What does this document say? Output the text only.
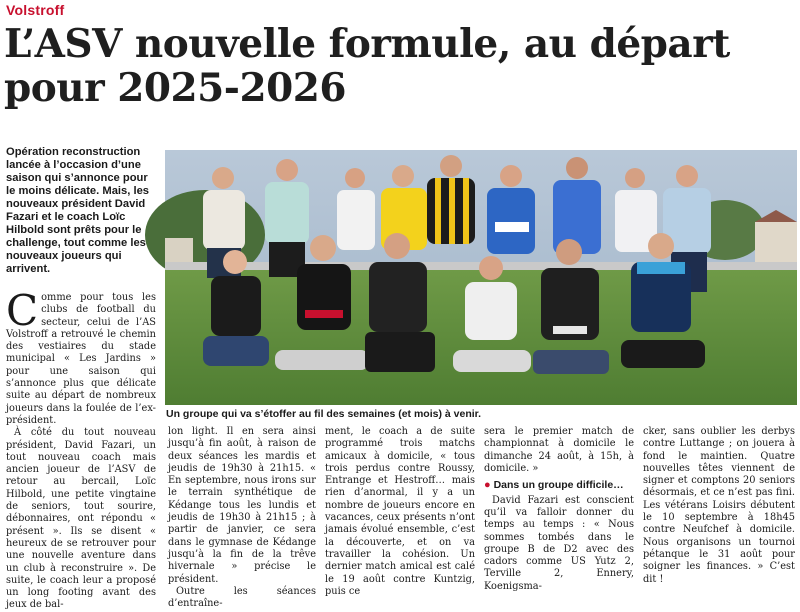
Volstroff
L’ASV nouvelle formule, au départ pour 2025-2026
Opération reconstruction lancée à l’occasion d’une saison qui s’annonce pour le moins délicate. Mais, les nouveaux président David Fazari et le coach Loïc Hilbold sont prêts pour le challenge, tout comme les nouveaux joueurs qui arrivent.
Un groupe qui va s’étoffer au fil des semaines (et mois) à venir.

Comme pour tous les clubs de football du secteur, celui de l’AS Volstroff a retrouvé le chemin des vestiaires du stade municipal « Les Jardins » pour une saison qui s’annonce plus que délicate suite au départ de nombreux joueurs dans la foulée de l’ex-président.

À côté du tout nouveau président, David Fazari, un tout nouveau coach mais ancien joueur de l’ASV de retour au bercail, Loïc Hilbold, une petite vingtaine de seniors, tout sourire, débonnaires, ont répondu « présent ». Ils se disent « heureux de se retrouver pour une nouvelle aventure dans un club à reconstruire ». De suite, le coach leur a proposé un long footing avant des jeux de bal-

lon light. Il en sera ainsi jusqu’à fin août, à raison de deux séances les mardis et jeudis de 19h30 à 21h15. « En septembre, nous irons sur le terrain synthétique de Kédange tous les lundis et jeudis de 19h30 à 21h15 ; à partir de janvier, ce sera dans le gymnase de Kédange jusqu’à la fin de la trêve hivernale » précise le président.

Outre les séances d’entraîne-

ment, le coach a de suite programmé trois matchs amicaux à domicile, « tous trois perdus contre Roussy, Entrange et Hestroff… mais rien d’anormal, il y a un nombre de joueurs encore en vacances, ceux présents n’ont jamais évolué ensemble, c’est la découverte, et on va travailler la cohésion. Un dernier match amical est calé le 19 août contre Kuntzig, puis ce

sera le premier match de championnat à domicile le dimanche 24 août, à 15h, à domicile. »

● Dans un groupe difficile…

David Fazari est conscient qu’il va falloir donner du temps au temps : « Nous sommes tombés dans le groupe B de D2 avec des cadors comme US Yutz 2, Terville 2, Ennery, Koenigsma-

cker, sans oublier les derbys contre Luttange ; on jouera à fond le maintien. Quatre nouvelles têtes viennent de signer et comptons 20 seniors désormais, et ce n’est pas fini. Les vétérans Loisirs débutent le 10 septembre à 18h45 contre Neufchef à domicile. Nous organisons un tournoi pétanque le 31 août pour soigner les finances. » C’est dit !
